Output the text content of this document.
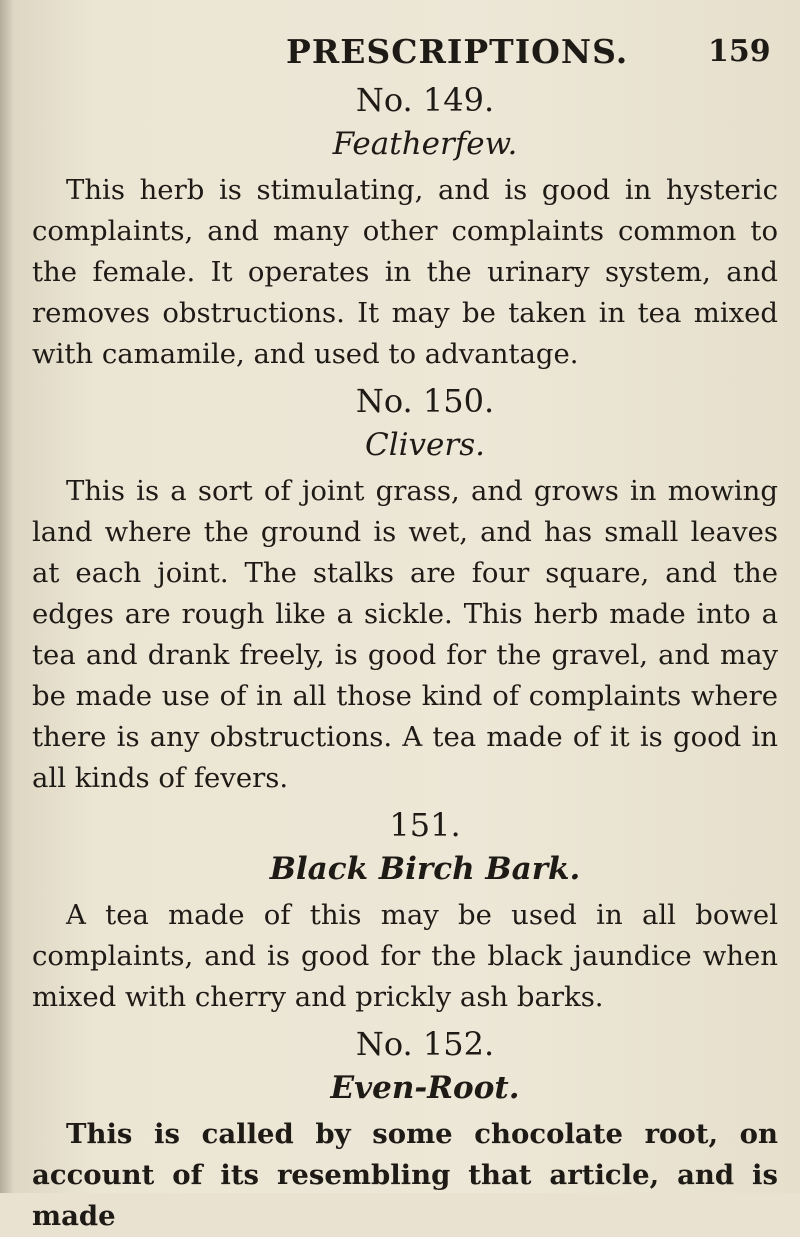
PRESCRIPTIONS.	159

No. 149.

Featherfew.

This herb is stimulating, and is good in hysteric complaints, and many other complaints common to the female. It operates in the urinary system, and removes obstructions. It may be taken in tea mixed with camamile, and used to advantage.

No. 150.

Clivers.

This is a sort of joint grass, and grows in mowing land where the ground is wet, and has small leaves at each joint. The stalks are four square, and the edges are rough like a sickle. This herb made into a tea and drank freely, is good for the gravel, and may be made use of in all those kind of complaints where there is any obstructions. A tea made of it is good in all kinds of fevers.

151.

Black Birch Bark.

A tea made of this may be used in all bowel complaints, and is good for the black jaundice when mixed with cherry and prickly ash barks.

No. 152.

Even-Root.

This is called by some chocolate root, on account of its resembling that article, and is made
